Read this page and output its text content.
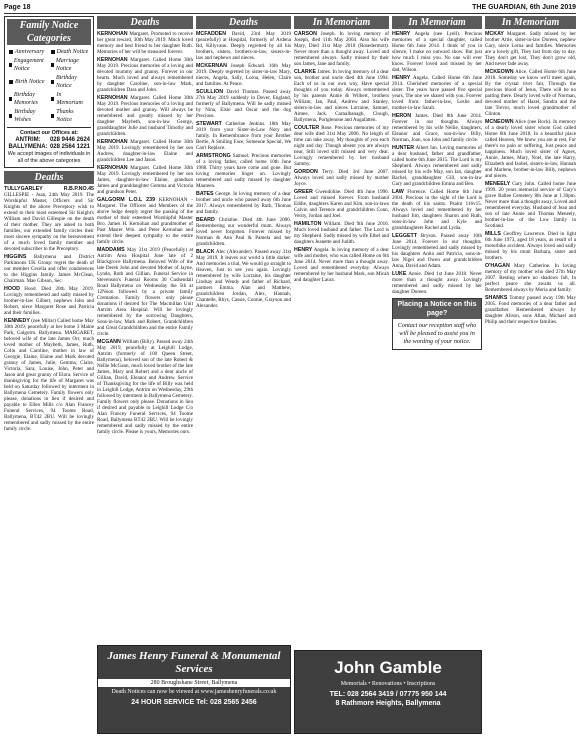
Page 18	THE GUARDIAN, 6th June 2019
Family Notice Categories
Anniversary Death Notice
Engagement Notice
Marriage Notice
Birth Notice
Birthday Notice
Birthday Memories
In Memoriam
Birthday Wishes
Thanks Notice
Contact our Offices at:
ANTRIM:	028 9446 2624
BALLYMENA: 028 2564 1221
We accept images of individuals in all of the above categories
Deaths
TULLYGARLEY R.B.P.NO.45 GILLESPIE - Joan, 24th May 2019. The Worshipful Master, Officers and Sir Knights of the above Preceptory wish to extend to their most esteemed Sir Knight's William and David Gillespie on the death of their mother. They are asked to both families, our extended family circles their most sincere sympathy on the bereavement of a much loved family member and devoted subscriber to the Preceptory.
HIGGINS Ballymena and District Parkinsons UK Group: regret the death of our member Cecelia and offer condolences to the Higgins family. James McClean, Chairman. Mae Gibson, Sec.
HOOD Hood. Died 20th May 2019. Lovingly remembered and sadly missed by brother-in-law Gilbert, nephews John and Robert, niece Margaret Rose and Patricia and their families.
KENNEDY (nee Millar) Called home May 30th 2019, peacefully at her home 3 Maine Park, Galgorm. Ballymena. MARGARET, beloved wife of the late James Orr, much loved mother of Maybeth, James, Ruth, Colin and Caroline, mother in law of Georgie, Elaine, Elaine and Mark devoted granny of James, Julie, Gemma, Claire, Victoria, Sara, Louise, John, Peter and Jason and great granny of Elora. Service of thanksgiving for the life of Margaret was held on Saturday followed by interment in Ballymena Cemetery. Family flowers only please, donations in lieu if desired and payable to Ellen Mills c/o Alan Francey Funeral Services, 94 Toome Road, Ballymena, BT42 2BU. Will be lovingly remembered and sadly missed by the entire family circle.
Deaths
KERNOHAN Margaret. Promoted to receive her great reward, 30th May 2019. Much loved memory and best friend to her daughter Ruth. Memories of her will be treasured forever.
KERNOHAN Margaret. Called Home 30th May 2019. Precious memories of a loving and devoted mummy and granny. Forever in our hearts. Much loved and always remembered by daughter Caroline, son-in-law Mark, grandchildren Dara and John.
KERNOHAN Margaret. Called Home 30th May 2019. Precious memories of a loving and devoted mother and granny. Will always be remembered and greatly missed by her daughter Maybeth, son-in-law George, granddaughter Julie and husband Timothy and grandchildren.
KERNOHAN Margaret. Called Home 30th May 2019. Lovingly remembered by her son Andrew, daughter-in-law Elaine and grandchildren Lee and Jason.
KERNOHAN Margaret. Called Home 30th May 2019. Lovingly remembered by her son James, daughter-in-law Elaine, grandson James and granddaughter Gemma and Victoria and grandson Peter.
GALGORM L.O.L 239 KERNOHAN - Margaret. The Officers and Members of the above lodge deeply regret the passing of the mother of their esteemed Worshipful Master Bro. James H. Kernohan and grandmother of Past Master Wm. and Peter Kernohan and extend their deepest sympathy to the entire family circle.
MADDAMS May 31st 2019 (Peacefully) at Antrim Area Hospital June late of 2 Blackgrove Ballymena. Beloved Wife of the late Derek John and devoted Mother of Jayne, Lynda, Ruth and Gillian. Funeral Service in Stevenson's Funeral Rooms 30 Cushendall Road Ballymena on Wednesday the 5th at 12Noon followed by a private family Cremation. Family flowers only please donations if desired for The Macmillan Unit Antrim Area Hospital. Will be lovingly remembered by the sorrowing Daughters, Sons-in-law, Mark and Robert, Grandchildren and Great Grandchildren and the entire Family circle.
MCGANN William (Billy). Passed away 24th May 2019, peacefully at Leighill Lodge, Antrim (formerly of 100 Queen Street, Ballymena), beloved son of the late Robert & Nellie McGann, much loved brother of the late James, Mary and Robert and a dear uncle of Gillian, David, Eleanor and Andrew. Service of Thanksgiving for the life of Billy was held in Leighill Lodge, Antrim on Wednesday, 29th followed by interment in Ballymena Cemetery. Family flowers only please. Donations in lieu if desired and payable to Leighill Lodge C/o Alan Francey Funeral Services, 94 Toome Road, Ballymena BT42 2BU. Will be lovingly remembered and sadly missed by the entire family circle. Please is yours, Memories ours.
Deaths
MCFADDEN David, 23rd May 2019 (peacefully) at Hospital, formerly of Ardena Rd, Killyvann. Deeply regretted by all his brothers, sisters, brothers-in-law, sisters-in-law and nephews and nieces.
MCKERNAN Joseph Edward. 16th May 2019. Deeply regretted by sister-in-law Mary, nieces, Angela, Sally, Lorna, Helen, Claire and families. At Peace.
SCULLION David Thomas. Passed away 27th May 2019 suddenly in Dover, England, formerly of Ballymena. Will be sadly missed by Nina, Elsie and Oscar and the dog Precious.
STEWART Catherine Jenkins. 18th May 2019 from your Sister-in-Law Nory and family. In Remembrance from your Brother Bertie, A Smiling Face, Someone Special, We Can't Replace.
ARMSTRONG Samuel. Precious memories of a loving father, called home 10th June 1988. Thirty years have come and gone. But loving memories linger on. Lovingly remembered and sadly missed by daughter Maureen.
BATES George. In loving memory of a dear brother and uncle who passed away 6th June 2017. Always remembered by Ruth, Thomas and family.
BEARD Christine. Died 4th June 2000. Remembering our wonderful mum. Always loved never forgotten. Forever missed by Norman & Ann Paul & Pamela and her grandchildren.
BLACK Alec (Alexander). Passed away 31st May 2019. It leaves our world a little darker. And memories a trial, We would go straight to Heaven, Just to see you again. Lovingly remembered by wife Lorraine, his daughter Lindsay and Wendy and father of Richard, partners Emma, Alan and Matthew, grandchildren Jordan, Alex, Hannah, Chantelle, Rhys, Cassie, Connie, Grayson and Alexander.
In Memoriam
CARSON Joseph. In loving memory of Joseph, died 11th May 2004. Also his wife Mary, Died 31st May 2018 (Rosedermott). Never more than a thought away. Loved and remembered always. Sadly missed by their son James, Jane and family.
CLARKE James. In loving memory of a dear son, brother and uncle died 4th June 1994. Each of us in our own way, Have special thoughts of you today. Always remembered by his parents Annie & Wilbert, brothers William, Ian, Paul, Andrew and Stanley, sisters-in-law and nieces Lorraine, Samuel, Aimee, Jack. Carnalbanagh, Clough, Ballymena, Portglenone and Augafatten.
COULTER Rose. Precious memories of my dear wife died 31st May 2006. No length of time can take away, My thoughts of you each night and day. Though absent you are always near, Still loved still missed and very dear. Lovingly remembered by her husband Sammy.
GORDON Terry. Died 3rd June 2007. Always loved and sadly missed by mother Joyce.
GREER Gwendoline. Died 4th June 1996. Loved and missed forever. From husband Eddie, daughters Karen and Kim, son-in-laws Calvin and Terence and grandchildren Conn, Verity, Jordan and Joel.
HAMILTON William. Died 9th June 2016. Much loved husband and father. The Lord is my Shepherd. Sadly missed by wife Ethel and daughters Jeanette and Judith.
HENRY Angela. In loving memory of a dear wife and mother, who was called Home on 6th June 2014. Never more than a thought away. Loved and remembered everyday. Always remembered by her husband Mark, son Micah and daughter Laura.
In Memoriam
HENRY Angela (nee Lyell). Precious memories of a special daughter, called Home 6th June 2014. I think of you in silence, I make no outward show. But just how much I miss you. No one will ever know. Forever loved and missed by her dad, Wilson.
HENRY Angela. Called Home 6th June 2014. Cherished memories of a special sister. The years have passed five special years, The one we shared with you. Forever loved from: father-in-law, Leslie and mother-in-law Sarah.
HERON James. Died 8th June 2014. Forever in our thoughts. Always remembered by his wife Nellie, daughters, Eleanor and Grace, son-in-law Billy, Norman, Joan, son John and family circle.
HUNTER Albert Ian. Loving memories of a dear husband, father and grandfather, called home 6th June 2015. The Lord is my Shepherd. Always remembered and sadly missed by his wife May, son Ian, daughter Rachel, granddaughter Gill, son-in-law Gary and grandchildren Emma and Ben.
LAW Florence. Called Home 6th June 2004. Precious in the sight of the Lord is the death of his saints. Psalm 116v15. Always loved and remembered by her husband Jim, daughters Sharon and Ruth, sons-in-law John and Kyle and granddaughters Rachel and Lydia.
LEGGETT Bryson. Passed away 10th June 2014. Forever in our thoughts. Lovingly remembered and sadly missed by his daughters Anita and Patricia, sons-in-law Nigel and Owen and grandchildren Anna, David and Adam.
LUKE Annie. Died 1st June 2018. Never more than a thought away. Lovingly remembered and sadly missed by her daughter Doreen.
Placing a Notice on this page?
Contact our reception staff who will be pleased to assist you in the wording of your notice.
In Memoriam
MCKAY Margaret. Sadly missed by her brother Artie, sister-in-law Doreen, nephew Gary, niece Lorna and families. Memories are a lovely gift, They last from day to day. They don't get lost, They don't grow old, And never fade away.
MCKEOWN Alice. Called Home 6th June 2018. Someday we know we'll meet again, By the crystal river fair, Through the precious blood of Jesus, There will be no parting there. Dearly loved wife of Norman, devoted mother of Hazel, Sandra and the late Trevor, much loved grandmother of Clinton.
MCNEOWN Alice (nee Rock). In memory of a dearly loved sister whom God called Home 6th June 2018. In a beautiful place called Heaven, We know you are at rest, For there's no pain or suffering, Just peace and happiness. Much loved sister of Agnes, Annie, James, Mary, Noel, the late Harry, Elizabeth and Isobel, sisters-in-law, Hannah and Marlene, brother-in-law Billy, nephews and nieces.
MENEELY Gary John. Called home June 1999. 20 years memorial service of Gary's grave Ballee Cemetery 8th June at 1.30pm. Never more than a thought away, Loved and remembered everyday. Husband of Jean and son of late Annie and Thomas Meneely, brother-in-law of the Low family in Scotland.
MILLS Geoffrey Lawrence. Died in light 6th June 1973, aged 18 years, as result of a motorbike accident. Always loved and sadly missed by his mum Barbara, sister and brothers.
O'HAGAN Mary Catherine. In loving memory of my mother who died 27th May 2007. Resting where no shadows fall, In perfect peace she awaits us all. Remembered always by Moria and family.
SHANKS Tommy passed away 19th May 2005. Fond memories of a dear father and grandfather. Remembered always by daughter Alison, sons Allan, Michael and Philip and their respective families.
James Henry Funeral & Monumental Services
280 Broughshane Street, Ballymena
Death Notices can now be viewed at www.jameshenryfunerals.co.uk
24 HOUR SERVICE Tel: 028 2565 2456
John Gamble
Memorials • Renovations • Inscriptions
TEL: 028 2564 3419 / 07775 950 144
8 Rathmore Heights, Ballymena
